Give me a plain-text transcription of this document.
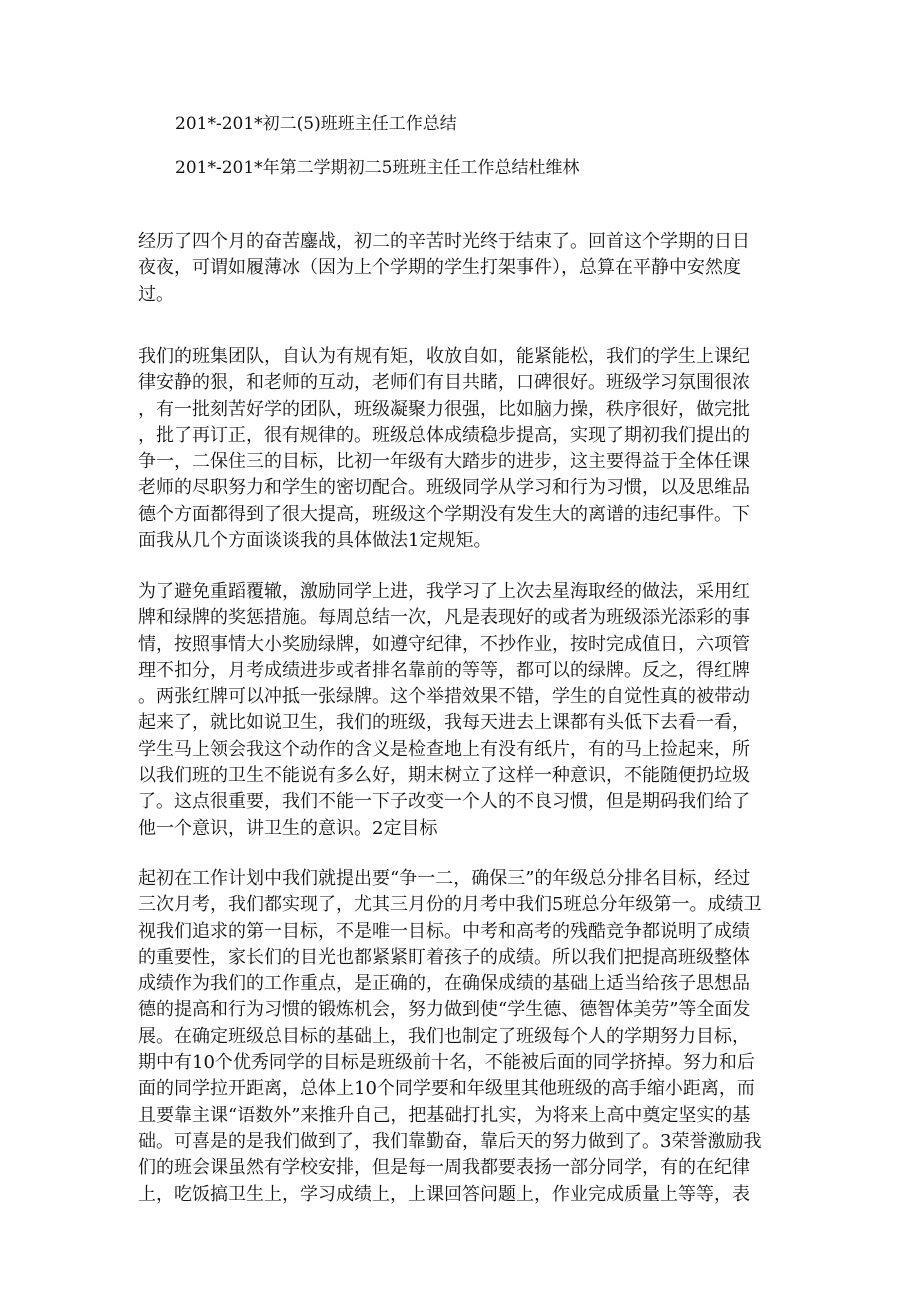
201*-201*初二(5)班班主任工作总结
201*-201*年第二学期初二5班班主任工作总结杜维林
经历了四个月的奋苦鏖战，初二的辛苦时光终于结束了。回首这个学期的日日
夜夜，可谓如履薄冰（因为上个学期的学生打架事件），总算在平静中安然度
过。
我们的班集团队，自认为有规有矩，收放自如，能紧能松，我们的学生上课纪
律安静的狠，和老师的互动，老师们有目共睹，口碑很好。班级学习氛围很浓
，有一批刻苦好学的团队，班级凝聚力很强，比如脑力操，秩序很好，做完批
，批了再订正，很有规律的。班级总体成绩稳步提高，实现了期初我们提出的
争一，二保住三的目标，比初一年级有大踏步的进步，这主要得益于全体任课
老师的尽职努力和学生的密切配合。班级同学从学习和行为习惯，以及思维品
德个方面都得到了很大提高，班级这个学期没有发生大的离谱的违纪事件。下
面我从几个方面谈谈我的具体做法1定规矩。
为了避免重蹈覆辙，激励同学上进，我学习了上次去星海取经的做法，采用红
牌和绿牌的奖惩措施。每周总结一次，凡是表现好的或者为班级添光添彩的事
情，按照事情大小奖励绿牌，如遵守纪律，不抄作业，按时完成值日，六项管
理不扣分，月考成绩进步或者排名靠前的等等，都可以的绿牌。反之，得红牌
。两张红牌可以冲抵一张绿牌。这个举措效果不错，学生的自觉性真的被带动
起来了，就比如说卫生，我们的班级，我每天进去上课都有头低下去看一看，
学生马上领会我这个动作的含义是检查地上有没有纸片，有的马上捡起来，所
以我们班的卫生不能说有多么好，期末树立了这样一种意识，不能随便扔垃圾
了。这点很重要，我们不能一下子改变一个人的不良习惯，但是期码我们给了
他一个意识，讲卫生的意识。2定目标
起初在工作计划中我们就提出要“争一二，确保三”的年级总分排名目标，经过
三次月考，我们都实现了，尤其三月份的月考中我们5班总分年级第一。成绩卫
视我们追求的第一目标，不是唯一目标。中考和高考的残酷竞争都说明了成绩
的重要性，家长们的目光也都紧紧盯着孩子的成绩。所以我们把提高班级整体
成绩作为我们的工作重点，是正确的，在确保成绩的基础上适当给孩子思想品
德的提高和行为习惯的锻炼机会，努力做到使“学生德、德智体美劳”等全面发
展。在确定班级总目标的基础上，我们也制定了班级每个人的学期努力目标，
期中有10个优秀同学的目标是班级前十名，不能被后面的同学挤掉。努力和后
面的同学拉开距离，总体上10个同学要和年级里其他班级的高手缩小距离，而
且要靠主课“语数外”来推升自己，把基础打扎实，为将来上高中奠定坚实的基
础。可喜是的是我们做到了，我们靠勤奋，靠后天的努力做到了。3荣誉激励我
们的班会课虽然有学校安排，但是每一周我都要表扬一部分同学，有的在纪律
上，吃饭搞卫生上，学习成绩上，上课回答问题上，作业完成质量上等等，表
